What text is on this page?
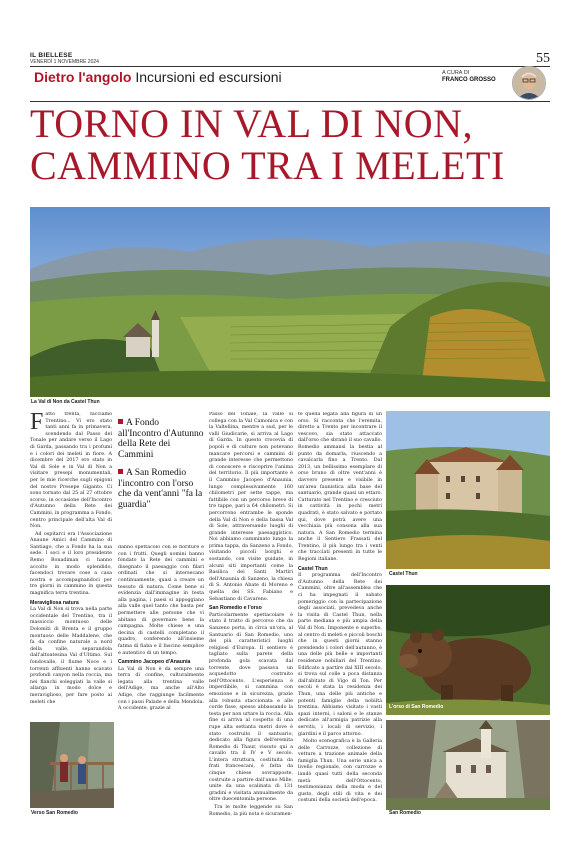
IL BIELLESE
VENERDÌ 1 NOVEMBRE 2024	55
Dietro l'angolo Incursioni ed escursioni	A CURA DI
FRANCO GROSSO
TORNO IN VAL DI NON,
CAMMINO TRA I MELETI
La Val di Non da Castel Thun
F atto trenta, facciamo Trentino... Vi ero stato tanti anni fa in primavera, scendendo dal Passo del Tonale per andare verso il Lago di Garda, passando tra i profumi e i colori dei meleti in fiore. A dicembre del 2017 ero stato in Val di Sole e in Val di Non a visitare presepi monumentali, per le mie ricerche sugli epigoni del nostro Presepe Giganto. Ci sono tornato dal 25 al 27 ottobre scorso, in occasione dell'Incontro d'Autunno della Rete dei Cammini, in programma a Fondo, centro principale dell'alta Val di Non.

Ad ospitarci era l'Associazione Anaune Amici del Cammino di Santiago, che a Fondo ha la sua sede. I soci e il loro presidente Remo Bonadiman ci hanno accolto in modo splendido, facendoci trovare cose a casa nostra e accompagnandoci per tre giorni in cammino in questa magnifica terra trentina.

Meravigliosa natura

La Val di Non si trova nella parte occidentale del Trentino, tra il massiccio montuoso delle Dolomiti di Brenta e il gruppo montuoso delle Maddalene, che fa da confine naturale a nord della valle, separandola dall'altoatesina Val d'Ultimo. Sul fondovalle, il fiume Noce e i torrenti affluenti hanno scavato profondi canyon nella roccia, ma nei fianchi soleggiati la valle si allarga in modo dolce e meraviglioso, per fare posto ai meleti che

A Fondo all'Incontro d'Autunno della Rete dei Cammini
A San Romedio l'incontro con l'orso che da vent'anni "fa la guardia"

danno spettacolo con le fioriture e con i frutti. Quegli uomini hanno fondato la Rete dei cammini e disegnato il paesaggio con filari ordinati che si intersecano continuamente, quasi a creare un tessuto di natura. Come bene si evidenzia dall'immagine in testa alla pagina, i paesi si appoggiano alla valle quel tanto che basta per permettere alle persone che vi abitano di governare bene la campagna. Molte chiese e una decina di castelli completano il quadro, conferendo all'insieme fatma di fiaba e il fascino semplice e autentico di un tempo.

Cammino Jacopeo d'Anaunia

La Val di Non è da sempre una terra di confine, culturalmente legata alla trentina valle dell'Adige, ma anche all'Alto Adige, che raggiunge facilmente con i passi Palade e della Mendola. A occidente, grazie al

Passo del Tonale, la valle si collega con la Val Camonica e con la Valtellina, mentre a sud, per le valli Giudicarie, si arriva al Lago di Garda. In questo crocevia di popoli e di culture non potevano mancare percorsi e cammini di grande interesse che permettono di conoscere e riscoprire l'anima del territorio. Il più importante è il Cammino Jacopeo d'Anaunia, lungo complessivamente 160 chilometri per sette tappe, ma fattibile con un percorso breve di tre tappe, pari a 64 chilometri. Si percorrono entrambe le sponde della Val di Non e della bassa Val di Sole, attraversando luoghi di grande interesse paesaggistico. Noi abbiamo camminato lungo la prima tappa, da Sanzeno a Fondo, visitando piccoli borghi e sostando, con visite guidate, in alcuni siti importanti come la Basilica dei Santi Martiri dell'Anaunia di Sanzeno, la chiesa di S. Antonio Abate di Moreno e quella dei SS. Fabiano e Sebastiano di Cavareno.

San Romedio e l'orso

Particolarmente spettacolare è stato il tratto di percorso che da Sanzeno porta, in circa un'ora, al Santuario di San Romedio, uno dei più caratteristici luoghi religiosi d'Europa. Il sentiero è tagliato sulla parete della profonda gola scavata dal torrente, dove passava un acquedotto costruito nell'Ottocento. L'esperienza è imperdibile, si cammina con emozione e in sicurezza, grazie alla robusta staccionata e alle corde fisse, spesso abbassando la testa per non urtare la roccia. Alla fine si arriva al cospetto di una rupe alta settanta metri dove è stato costruito il santuario, dedicato alla figura dell'eremita Romedio di Thaur, vissuto qui a cavallo tra il IV e V secolo. L'intera struttura, costituita da frati francescani, è fatta da cinque chiese sovrapposte, costruite a partire dall'anno Mille, unite da una scalinata di 131 gradini e visitata annualmente da oltre duecentomila persone.

Tra le molte leggende su San Romedio, la più nota è sicuramen-

te quella legata alla figura di un orso. Si racconta che l'eremita, diretto a Trento per incontrare il vescovo, sia stato attaccato dall'orso che sbranò il suo cavallo. Romedio ammansì la bestia al punto da domarla, riuscendo a cavalcarla fino a Trento. Dal 2013, un bellissimo esemplare di orso bruno di oltre vent'anni è davvero presente e visibile in un'area faunistica alla base del santuario, grande quasi un ettaro. Catturato nel Trentino e cresciuto in cattività in pochi metri quadrati, è stato salvato e portato qui, dove potrà avere una vecchiaia più consona alla sua natura. A San Romedio termina anche il Sentiero Frassati del Trentino, il più lungo tra i venti che tracciati presenti in tutte le Regioni italiane.

Castel Thun

Il programma dell'Incontro d'Autunno della Rete dei Cammini, oltre all'assemblea che ci ha impegnati il sabato pomeriggio con la partecipazione degli associati, prevedeva anche la visita di Castel Thun, nella parte mediana e più ampia della Val di Non. Imponente e superbo, al centro di meleti e piccoli boschi che in questi giorni stanno prendendo i colori dell'autunno, è una delle più belle e importanti residenze nobiliari del Trentino. Edificato a partire dal XIII secolo, si trova sul colle a poca distanza dall'abitato di Vigo di Ton. Per secoli è stata la residenza dei Thun, una delle più antiche e potenti famiglie della nobiltà trentina. Abbiamo visitato i vasti spazi interni, i saloni e le stanze dedicate all'armigia patrizie alla servitù, i locali di servizio, i giardini e il parco attorno.

Molto scenografica è la Galleria delle Carrozze, collezione di vetture a trazione animale della famiglia Thun. Una serie unica a livello regionale, con carrozze e landò quasi tutti della seconda metà dell'Ottocento, testimonianza della moda e del gusto, degli stili di vita e dei costumi della società dell'epoca.

Castel Thun
L'orso di San Romedio
San Romedio
Verso San Romedio
